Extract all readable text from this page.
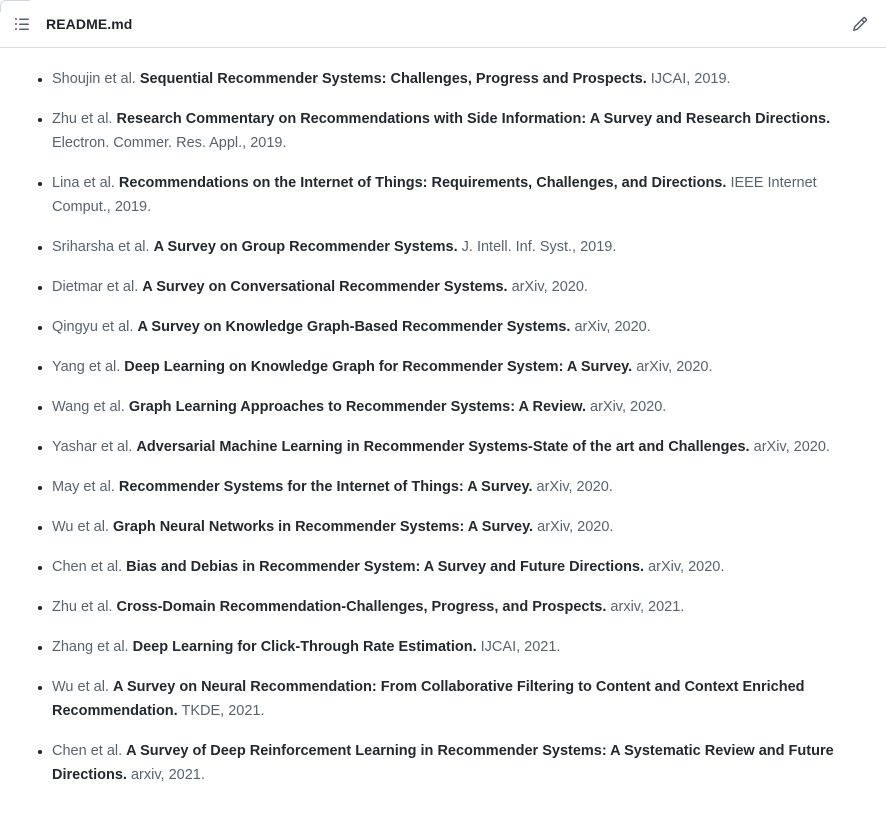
README.md
• Shoujin et al. Sequential Recommender Systems: Challenges, Progress and Prospects. IJCAI, 2019.
• Zhu et al. Research Commentary on Recommendations with Side Information: A Survey and Research Directions. Electron. Commer. Res. Appl., 2019.
• Lina et al. Recommendations on the Internet of Things: Requirements, Challenges, and Directions. IEEE Internet Comput., 2019.
• Sriharsha et al. A Survey on Group Recommender Systems. J. Intell. Inf. Syst., 2019.
• Dietmar et al. A Survey on Conversational Recommender Systems. arXiv, 2020.
• Qingyu et al. A Survey on Knowledge Graph-Based Recommender Systems. arXiv, 2020.
• Yang et al. Deep Learning on Knowledge Graph for Recommender System: A Survey. arXiv, 2020.
• Wang et al. Graph Learning Approaches to Recommender Systems: A Review. arXiv, 2020.
• Yashar et al. Adversarial Machine Learning in Recommender Systems-State of the art and Challenges. arXiv, 2020.
• May et al. Recommender Systems for the Internet of Things: A Survey. arXiv, 2020.
• Wu et al. Graph Neural Networks in Recommender Systems: A Survey. arXiv, 2020.
• Chen et al. Bias and Debias in Recommender System: A Survey and Future Directions. arXiv, 2020.
• Zhu et al. Cross-Domain Recommendation-Challenges, Progress, and Prospects. arxiv, 2021.
• Zhang et al. Deep Learning for Click-Through Rate Estimation. IJCAI, 2021.
• Wu et al. A Survey on Neural Recommendation: From Collaborative Filtering to Content and Context Enriched Recommendation. TKDE, 2021.
• Chen et al. A Survey of Deep Reinforcement Learning in Recommender Systems: A Systematic Review and Future Directions. arxiv, 2021.
